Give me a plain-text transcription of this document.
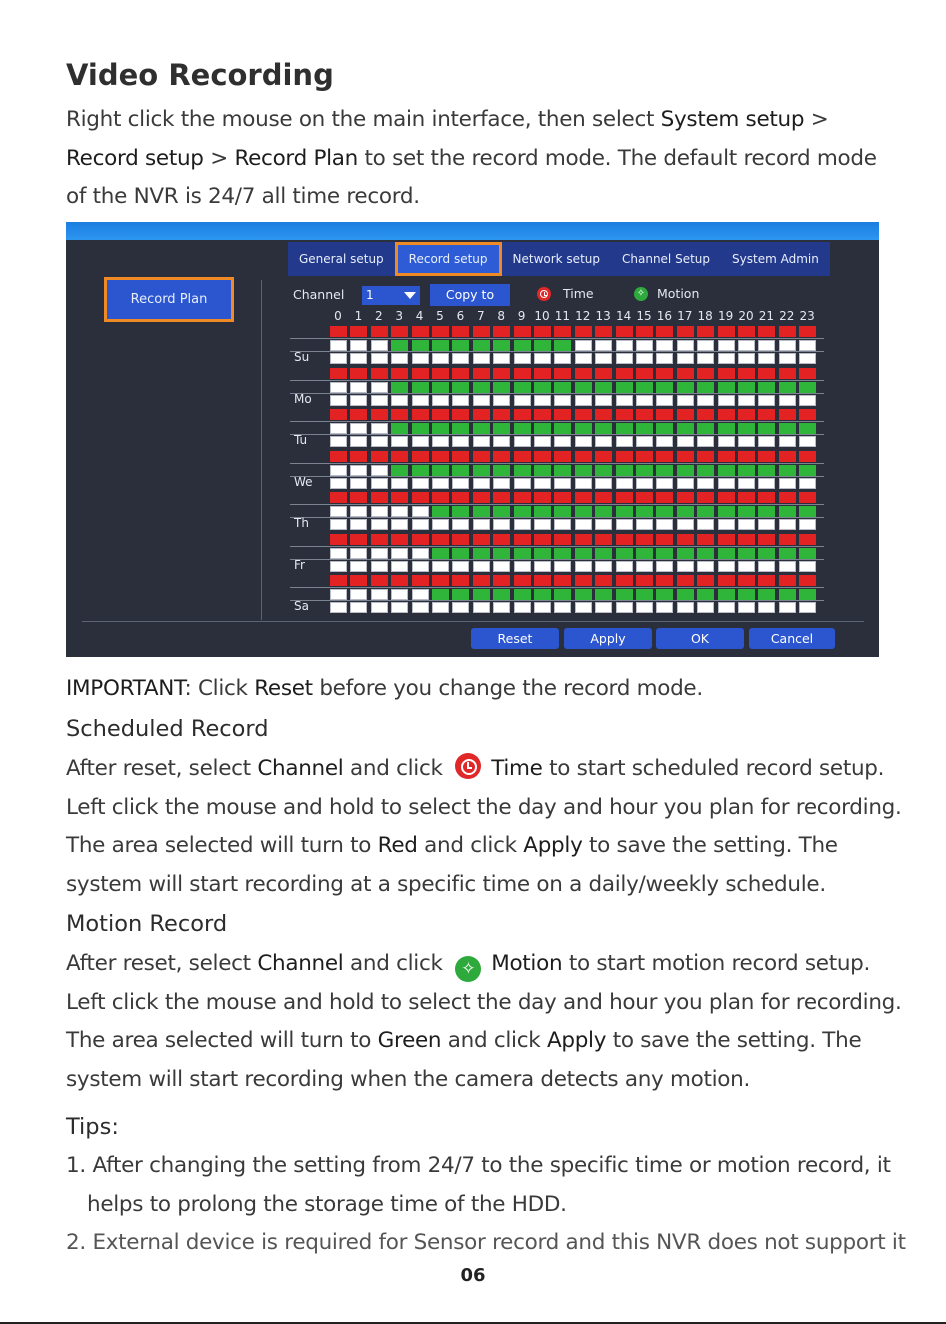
Video Recording
Right click the mouse on the main interface, then select System setup >
Record setup > Record Plan to set the record mode. The default record mode
of the NVR is 24/7 all time record.
General setup	Record setup	Network setup	Channel Setup	System Admin
Record Plan	Channel	1	Copy to	Time	✧ Motion
0	1	2	3	4	5	6	7	8	9 10 11 12 13 14 15 16 17 18 19 20 21 22 23
Reset	Apply	OK	Cancel
Su
Mo
Tu
We
Th
Fr
Sa
IMPORTANT: Click Reset before you change the record mode.
Scheduled Record
After reset, select Channel and click Time to start scheduled record setup.
Left click the mouse and hold to select the day and hour you plan for recording.
The area selected will turn to Red and click Apply to save the setting. The
system will start recording at a specific time on a daily/weekly schedule.
Motion Record
After reset, select Channel and click ✧ Motion to start motion record setup.
Left click the mouse and hold to select the day and hour you plan for recording.
The area selected will turn to Green and click Apply to save the setting. The
system will start recording when the camera detects any motion.
Tips:
1. After changing the setting from 24/7 to the specific time or motion record, it
helps to prolong the storage time of the HDD.
2. External device is required for Sensor record and this NVR does not support it
06
